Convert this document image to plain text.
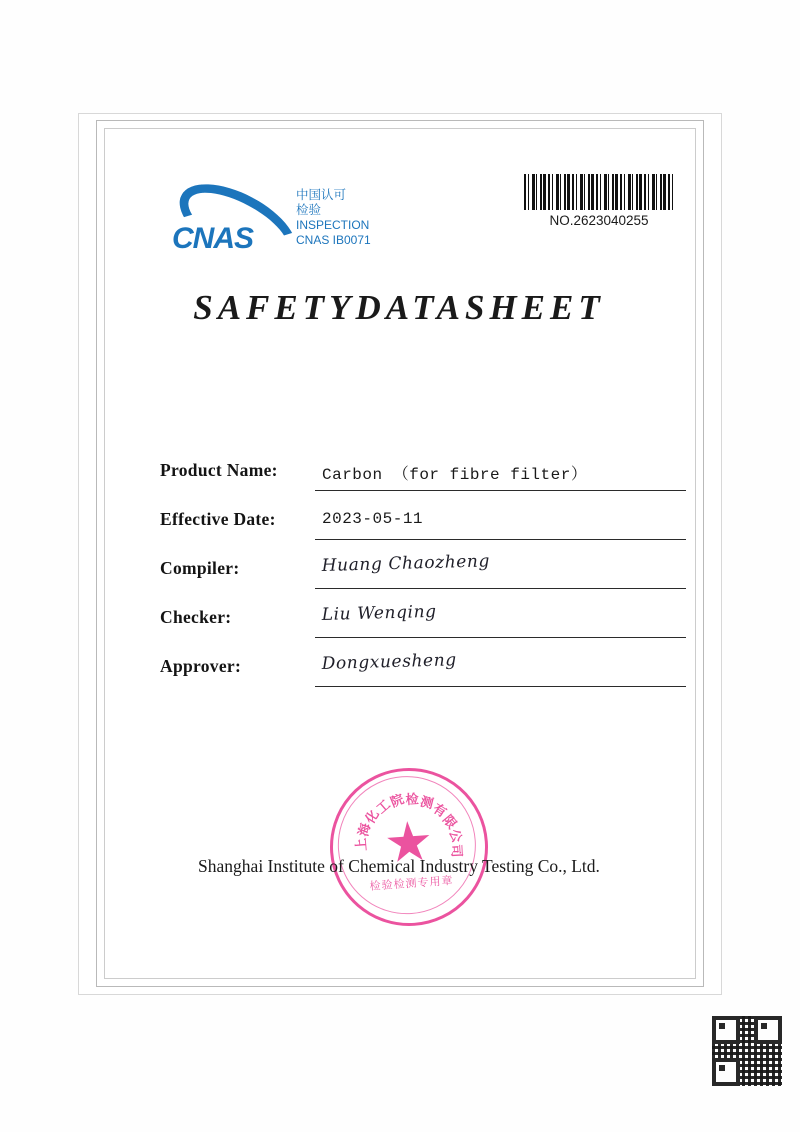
CNAS
中国认可
检验
INSPECTION
CNAS IB0071
NO.2623040255
SAFETYDATASHEET
Product Name:	Carbon （for fibre filter）
Effective Date:	2023-05-11
Compiler:	Huang Chaozheng
Checker:	Liu Wenqing
Approver:	Dongxuesheng
上
海
化
工
院
检 测
有
限
公
司
检验检测专用章
Shanghai Institute of Chemical Industry Testing Co., Ltd.
